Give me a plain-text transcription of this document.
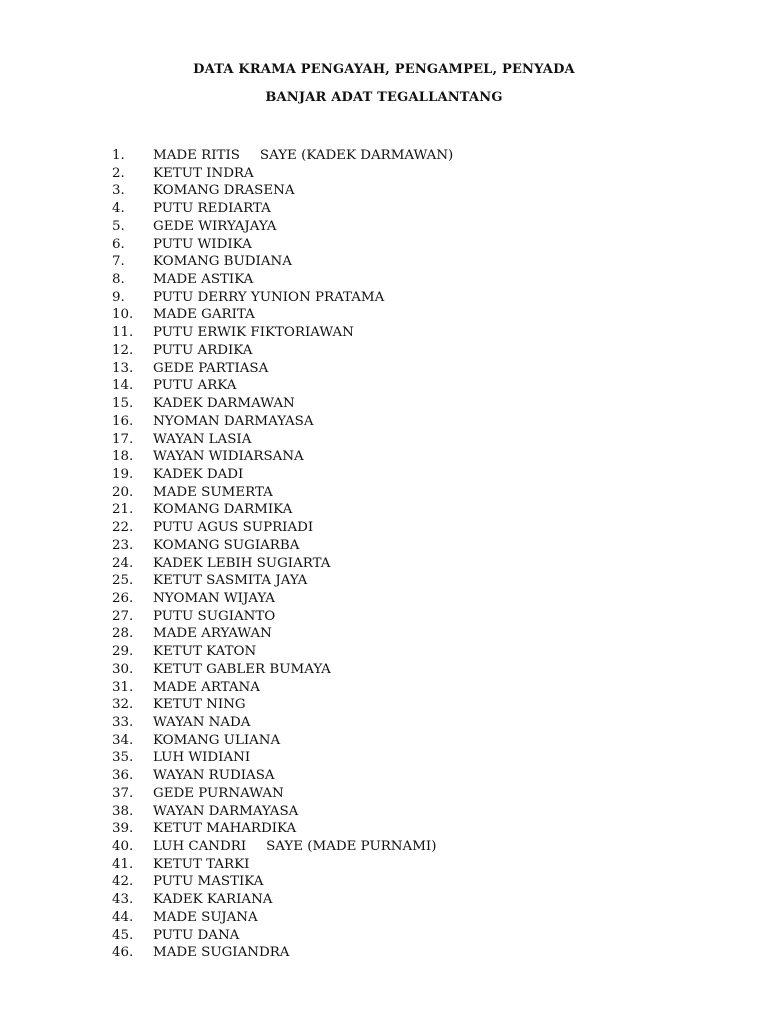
DATA KRAMA PENGAYAH, PENGAMPEL, PENYADA
BANJAR ADAT TEGALLANTANG
1.	MADE RITIS SAYE (KADEK DARMAWAN)
2.	KETUT INDRA
3.	KOMANG DRASENA
4.	PUTU REDIARTA
5.	GEDE WIRYAJAYA
6.	PUTU WIDIKA
7.	KOMANG BUDIANA
8.	MADE ASTIKA
9.	PUTU DERRY YUNION PRATAMA
10.	MADE GARITA
11.	PUTU ERWIK FIKTORIAWAN
12.	PUTU ARDIKA
13.	GEDE PARTIASA
14.	PUTU ARKA
15.	KADEK DARMAWAN
16.	NYOMAN DARMAYASA
17.	WAYAN LASIA
18.	WAYAN WIDIARSANA
19.	KADEK DADI
20.	MADE SUMERTA
21.	KOMANG DARMIKA
22.	PUTU AGUS SUPRIADI
23.	KOMANG SUGIARBA
24.	KADEK LEBIH SUGIARTA
25.	KETUT SASMITA JAYA
26.	NYOMAN WIJAYA
27.	PUTU SUGIANTO
28.	MADE ARYAWAN
29.	KETUT KATON
30.	KETUT GABLER BUMAYA
31.	MADE ARTANA
32.	KETUT NING
33.	WAYAN NADA
34.	KOMANG ULIANA
35.	LUH WIDIANI
36.	WAYAN RUDIASA
37.	GEDE PURNAWAN
38.	WAYAN DARMAYASA
39.	KETUT MAHARDIKA
40.	LUH CANDRI SAYE (MADE PURNAMI)
41.	KETUT TARKI
42.	PUTU MASTIKA
43.	KADEK KARIANA
44.	MADE SUJANA
45.	PUTU DANA
46.	MADE SUGIANDRA
